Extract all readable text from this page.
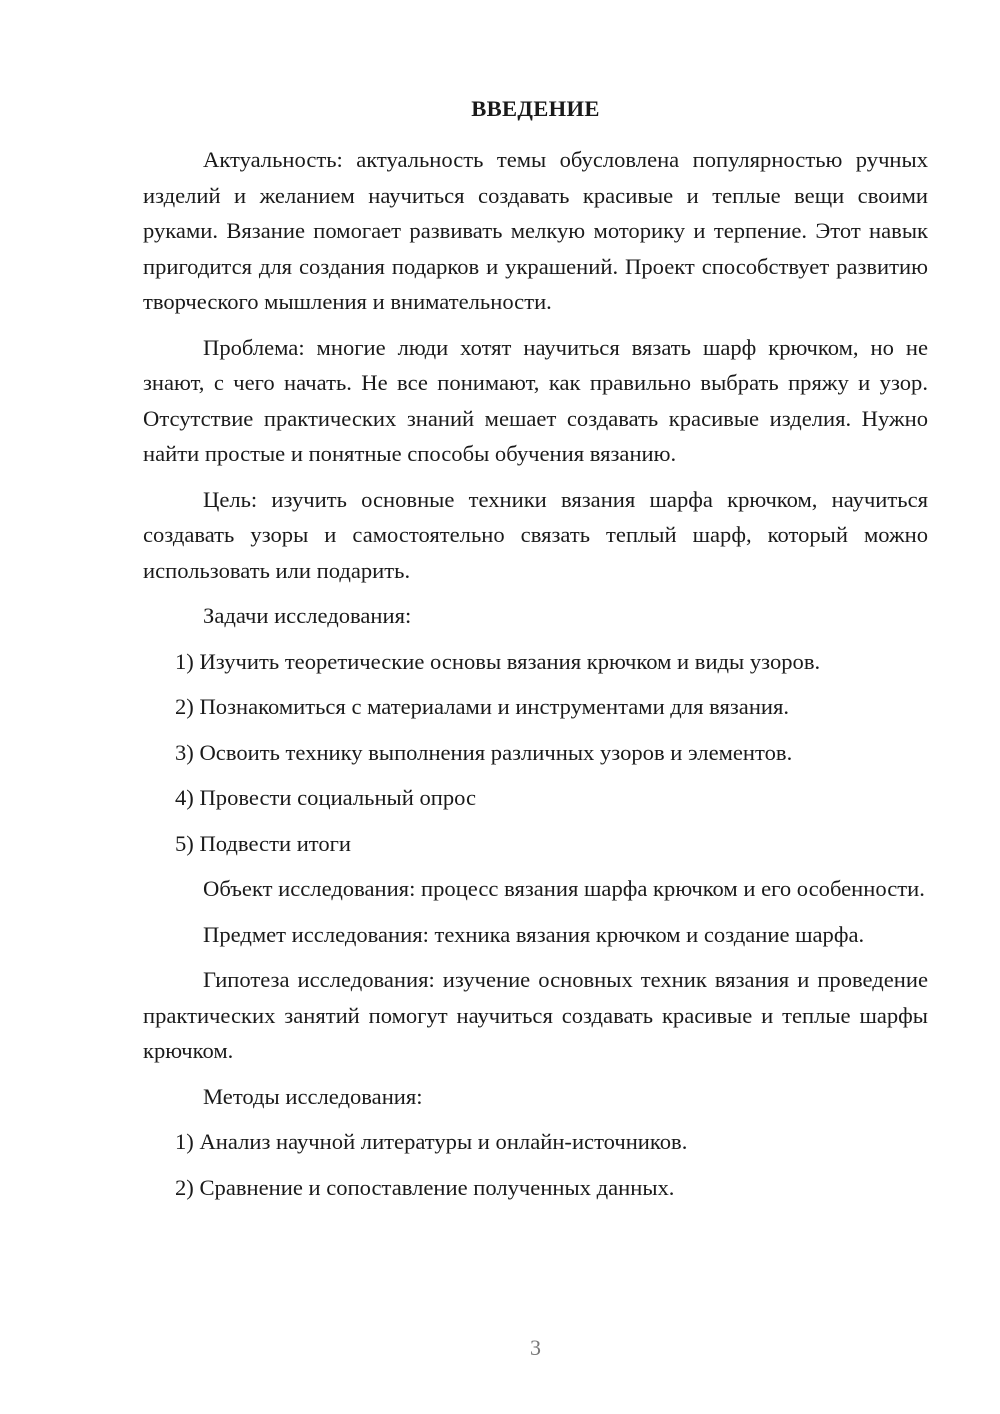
ВВЕДЕНИЕ

Актуальность: актуальность темы обусловлена популярностью ручных изделий и желанием научиться создавать красивые и теплые вещи своими руками. Вязание помогает развивать мелкую моторику и терпение. Этот навык пригодится для создания подарков и украшений. Проект способствует развитию творческого мышления и внимательности.

Проблема: многие люди хотят научиться вязать шарф крючком, но не знают, с чего начать. Не все понимают, как правильно выбрать пряжу и узор. Отсутствие практических знаний мешает создавать красивые изделия. Нужно найти простые и понятные способы обучения вязанию.

Цель: изучить основные техники вязания шарфа крючком, научиться создавать узоры и самостоятельно связать теплый шарф, который можно использовать или подарить.

Задачи исследования:

1) Изучить теоретические основы вязания крючком и виды узоров.

2) Познакомиться с материалами и инструментами для вязания.

3) Освоить технику выполнения различных узоров и элементов.

4) Провести социальный опрос

5) Подвести итоги

Объект исследования: процесс вязания шарфа крючком и его особенности.

Предмет исследования: техника вязания крючком и создание шарфа.

Гипотеза исследования: изучение основных техник вязания и проведение практических занятий помогут научиться создавать красивые и теплые шарфы крючком.

Методы исследования:

1) Анализ научной литературы и онлайн-источников.

2) Сравнение и сопоставление полученных данных.

3
